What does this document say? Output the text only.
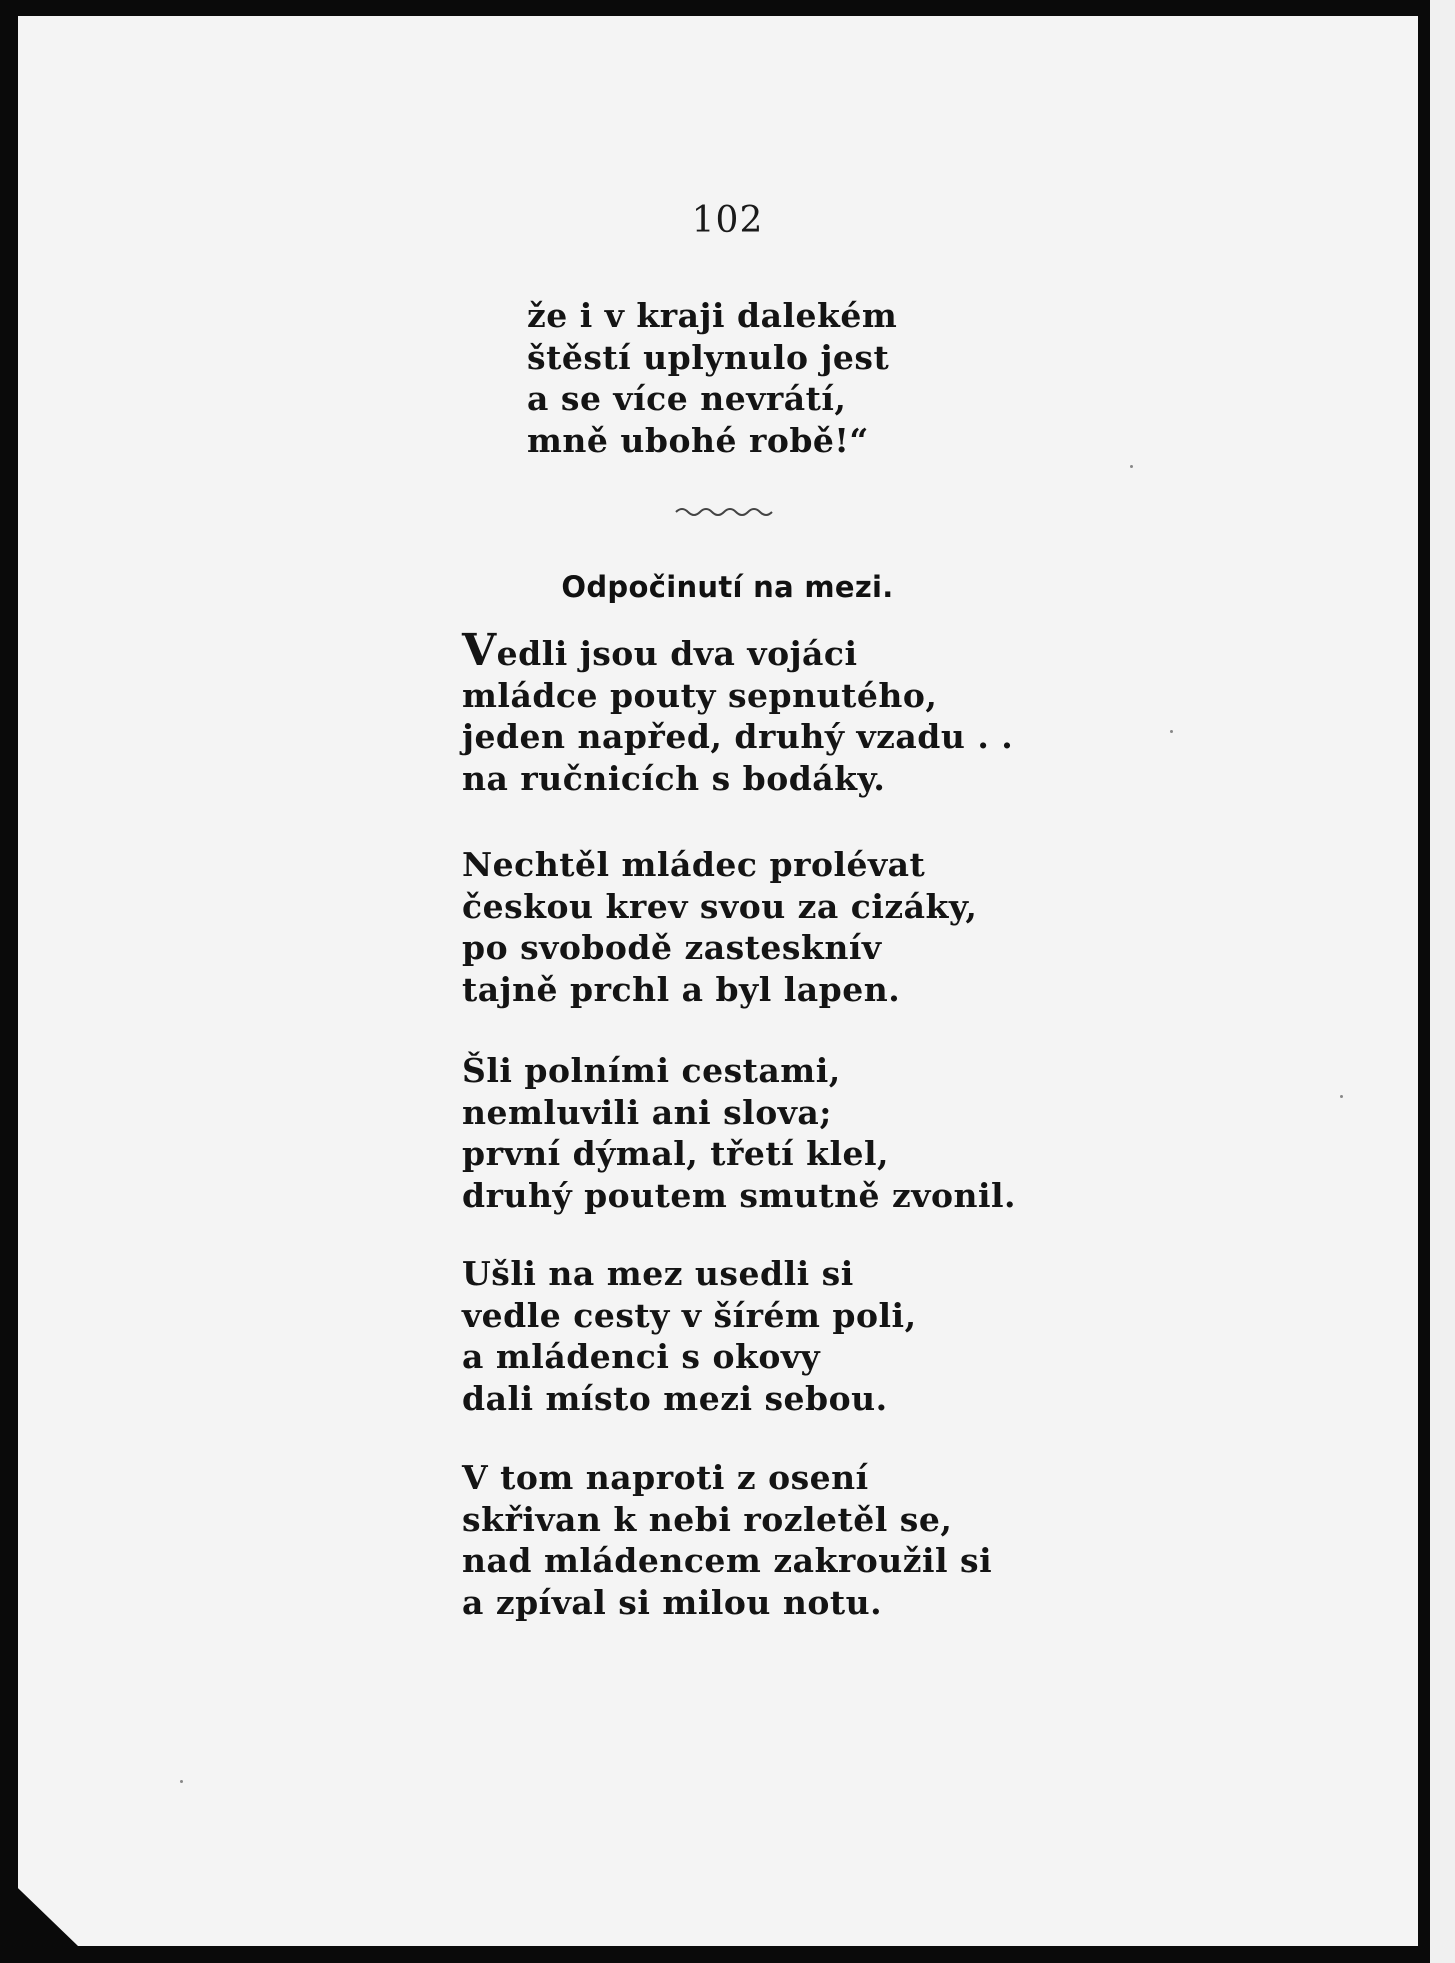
102
že i v kraji dalekém
štěstí uplynulo jest
a se více nevrátí,
mně ubohé robě!“
Odpočinutí na mezi.
Vedli jsou dva vojáci
mládce pouty sepnutého,
jeden napřed, druhý vzadu . .
na ručnicích s bodáky.
Nechtěl mládec prolévat
českou krev svou za cizáky,
po svobodě zastesknív
tajně prchl a byl lapen.
Šli polními cestami,
nemluvili ani slova;
první dýmal, třetí klel,
druhý poutem smutně zvonil.
Ušli na mez usedli si
vedle cesty v šírém poli,
a mládenci s okovy
dali místo mezi sebou.
V tom naproti z osení
skřivan k nebi rozletěl se,
nad mládencem zakroužil si
a zpíval si milou notu.
